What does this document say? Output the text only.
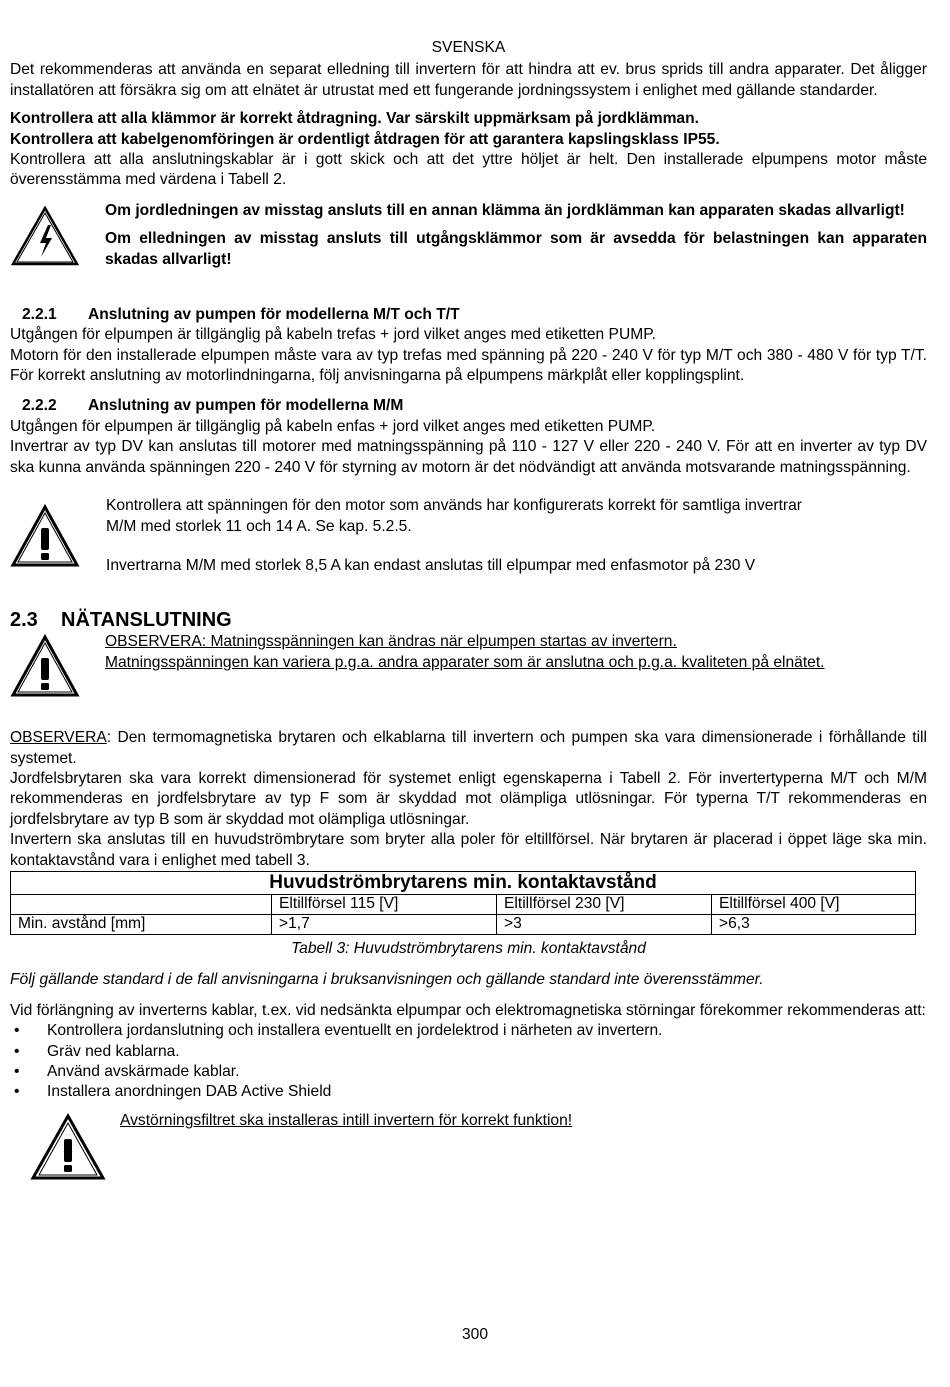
SVENSKA

Det rekommenderas att använda en separat elledning till invertern för att hindra att ev. brus sprids till andra apparater. Det åligger installatören att försäkra sig om att elnätet är utrustat med ett fungerande jordningssystem i enlighet med gällande standarder.

Kontrollera att alla klämmor är korrekt åtdragning. Var särskilt uppmärksam på jordklämman.

Kontrollera att kabelgenomföringen är ordentligt åtdragen för att garantera kapslingsklass IP55.

Kontrollera att alla anslutningskablar är i gott skick och att det yttre höljet är helt. Den installerade elpumpens motor måste överensstämma med värdena i Tabell 2.

Om jordledningen av misstag ansluts till en annan klämma än jordklämman kan apparaten skadas allvarligt!

Om elledningen av misstag ansluts till utgångsklämmor som är avsedda för belastningen kan apparaten skadas allvarligt!

2.2.1 Anslutning av pumpen för modellerna M/T och T/T

Utgången för elpumpen är tillgänglig på kabeln trefas + jord vilket anges med etiketten PUMP.

Motorn för den installerade elpumpen måste vara av typ trefas med spänning på 220 - 240 V för typ M/T och 380 - 480 V för typ T/T. För korrekt anslutning av motorlindningarna, följ anvisningarna på elpumpens märkplåt eller kopplingsplint.

2.2.2 Anslutning av pumpen för modellerna M/M

Utgången för elpumpen är tillgänglig på kabeln enfas + jord vilket anges med etiketten PUMP.

Invertrar av typ DV kan anslutas till motorer med matningsspänning på 110 - 127 V eller 220 - 240 V. För att en inverter av typ DV ska kunna använda spänningen 220 - 240 V för styrning av motorn är det nödvändigt att använda motsvarande matningsspänning.

Kontrollera att spänningen för den motor som används har konfigurerats korrekt för samtliga invertrar

M/M med storlek 11 och 14 A. Se kap. 5.2.5.

Invertrarna M/M med storlek 8,5 A kan endast anslutas till elpumpar med enfasmotor på 230 V

2.3 NÄTANSLUTNING

OBSERVERA: Matningsspänningen kan ändras när elpumpen startas av invertern.

Matningsspänningen kan variera p.g.a. andra apparater som är anslutna och p.g.a. kvaliteten på elnätet.

OBSERVERA: Den termomagnetiska brytaren och elkablarna till invertern och pumpen ska vara dimensionerade i förhållande till systemet.

Jordfelsbrytaren ska vara korrekt dimensionerad för systemet enligt egenskaperna i Tabell 2. För invertertyperna M/T och M/M rekommenderas en jordfelsbrytare av typ F som är skyddad mot olämpliga utlösningar. För typerna T/T rekommenderas en jordfelsbrytare av typ B som är skyddad mot olämpliga utlösningar.

Invertern ska anslutas till en huvudströmbrytare som bryter alla poler för eltillförsel. När brytaren är placerad i öppet läge ska min. kontaktavstånd vara i enlighet med tabell 3.

Huvudströmbrytarens min. kontaktavstånd			
	Eltillförsel 115 [V]	Eltillförsel 230 [V]	Eltillförsel 400 [V]
Min. avstånd [mm]	>1,7	>3	>6,3
Tabell 3: Huvudströmbrytarens min. kontaktavstånd

Följ gällande standard i de fall anvisningarna i bruksanvisningen och gällande standard inte överensstämmer.

Vid förlängning av inverterns kablar, t.ex. vid nedsänkta elpumpar och elektromagnetiska störningar förekommer rekommenderas att:

• Kontrollera jordanslutning och installera eventuellt en jordelektrod i närheten av invertern.
• Gräv ned kablarna.
• Använd avskärmade kablar.
• Installera anordningen DAB Active Shield

Avstörningsfiltret ska installeras intill invertern för korrekt funktion!

300
